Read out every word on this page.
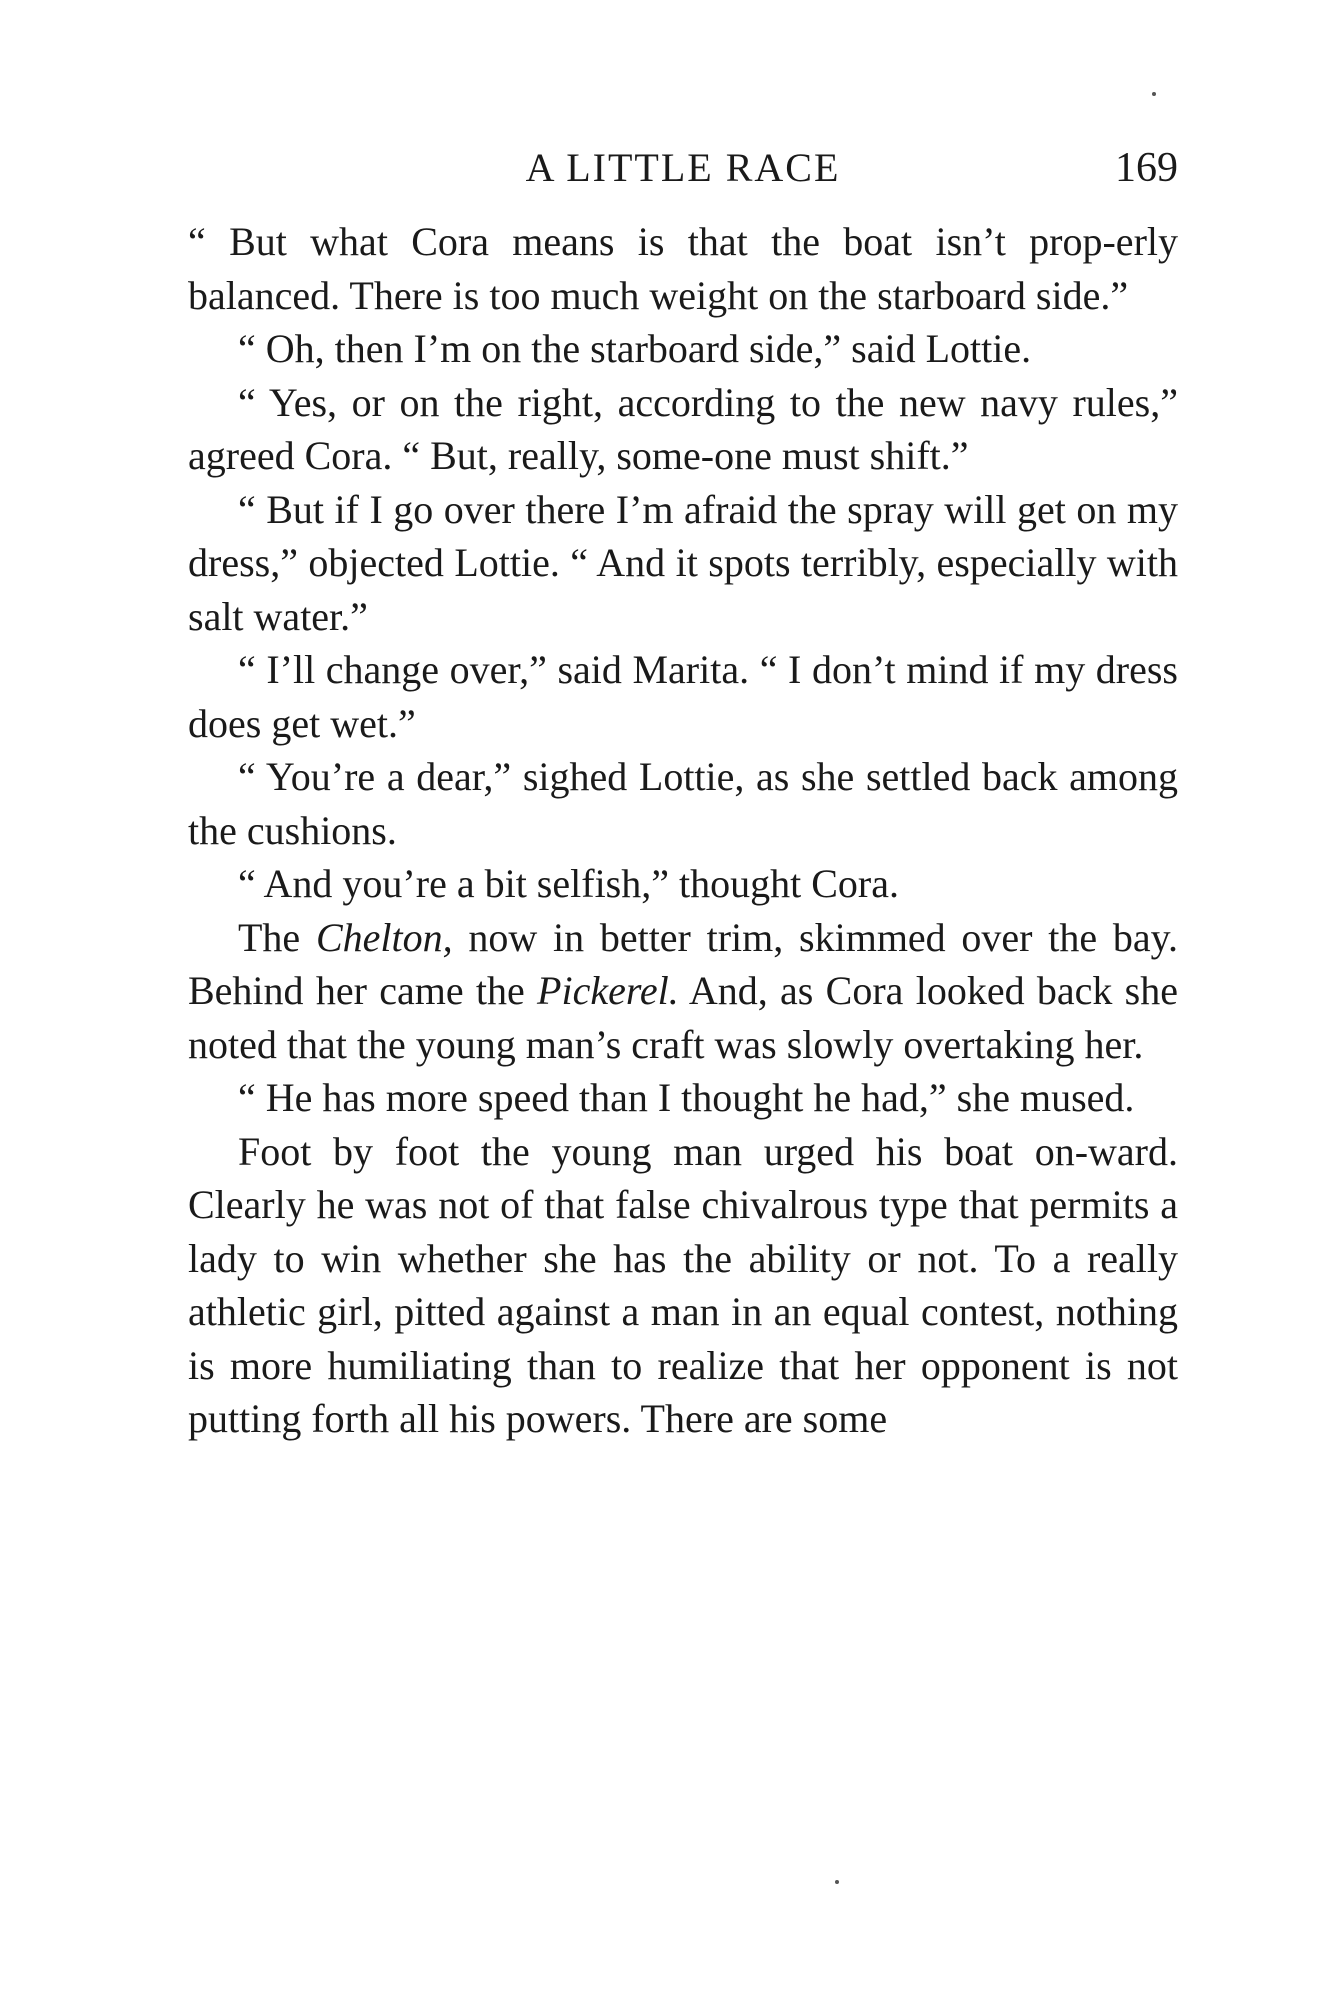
A LITTLE RACE	169

“ But what Cora means is that the boat isn’t prop-erly balanced. There is too much weight on the starboard side.”

“ Oh, then I’m on the starboard side,” said Lottie.

“ Yes, or on the right, according to the new navy rules,” agreed Cora. “ But, really, some-one must shift.”

“ But if I go over there I’m afraid the spray will get on my dress,” objected Lottie. “ And it spots terribly, especially with salt water.”

“ I’ll change over,” said Marita. “ I don’t mind if my dress does get wet.”

“ You’re a dear,” sighed Lottie, as she settled back among the cushions.

“ And you’re a bit selfish,” thought Cora.

The Chelton, now in better trim, skimmed over the bay. Behind her came the Pickerel. And, as Cora looked back she noted that the young man’s craft was slowly overtaking her.

“ He has more speed than I thought he had,” she mused.

Foot by foot the young man urged his boat on-ward. Clearly he was not of that false chivalrous type that permits a lady to win whether she has the ability or not. To a really athletic girl, pitted against a man in an equal contest, nothing is more humiliating than to realize that her opponent is not putting forth all his powers. There are some
